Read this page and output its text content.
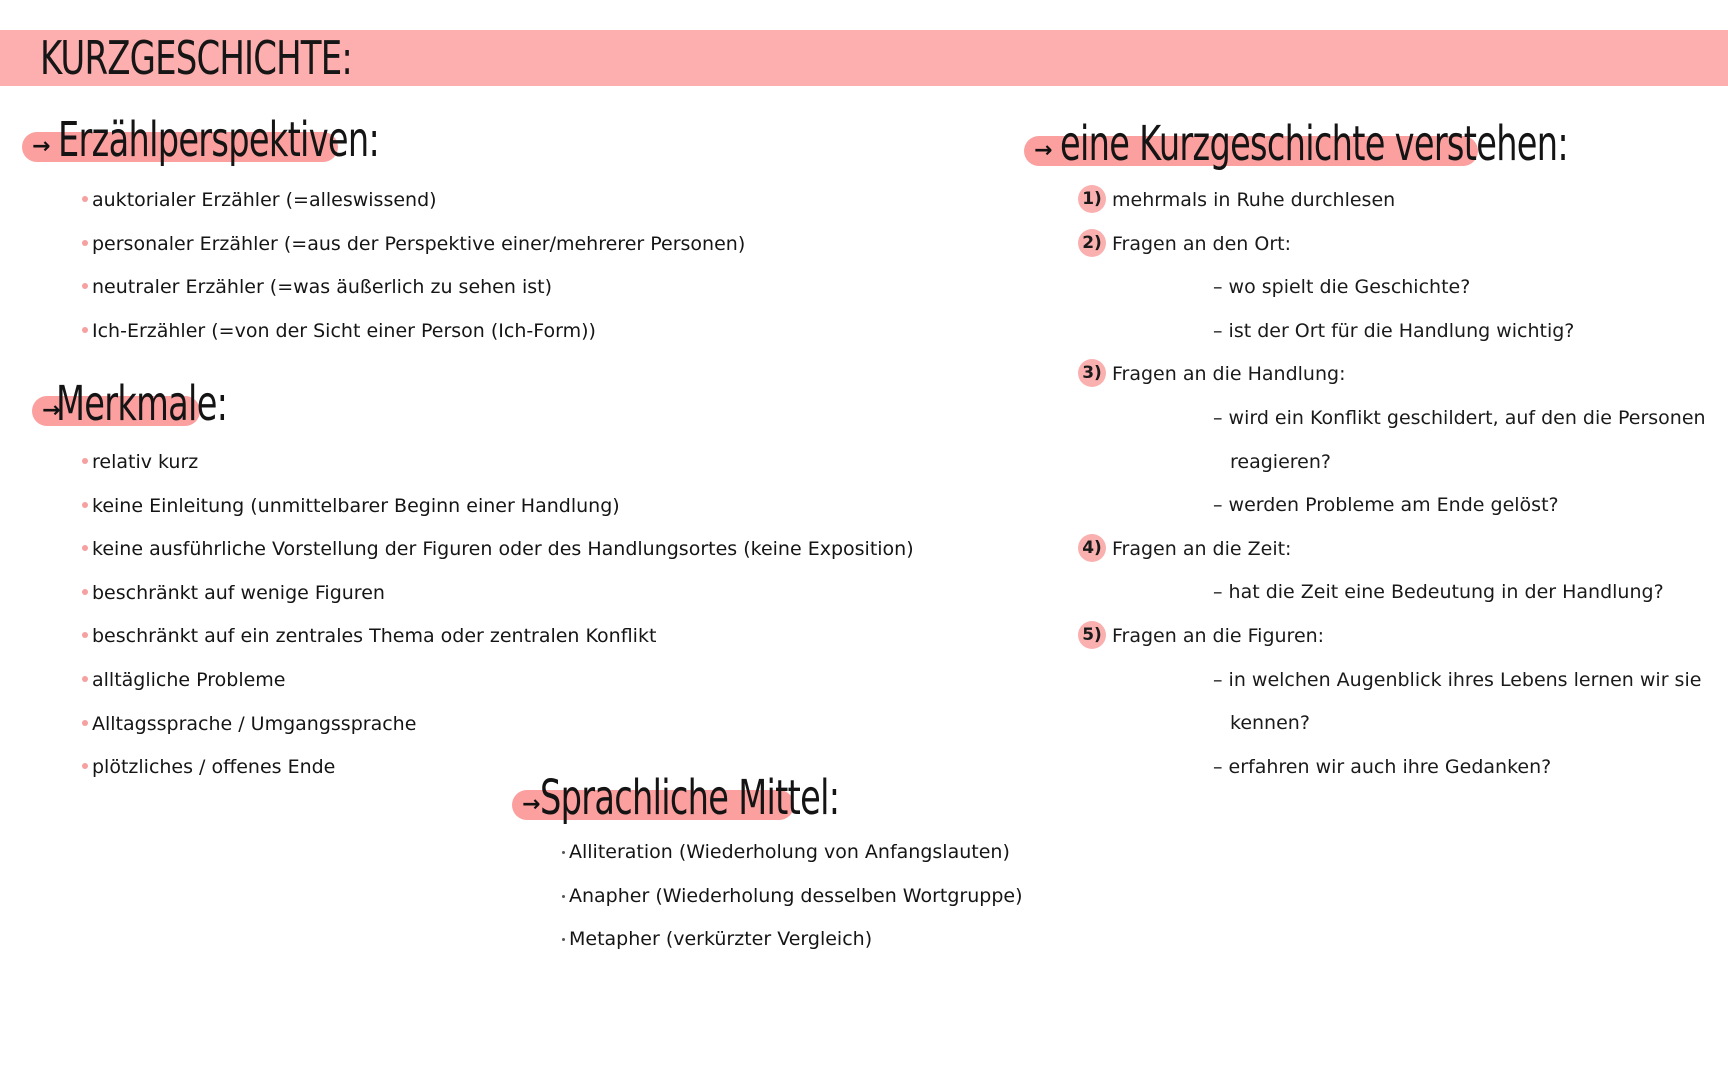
KURZGESCHICHTE:
→ Erzählperspektiven:
auktorialer Erzähler (=alleswissend)
personaler Erzähler (=aus der Perspektive einer/mehrerer Personen)
neutraler Erzähler (=was äußerlich zu sehen ist)
Ich-Erzähler (=von der Sicht einer Person (Ich-Form))
→
Merkmale:
relativ kurz
keine Einleitung (unmittelbarer Beginn einer Handlung)
keine ausführliche Vorstellung der Figuren oder des Handlungsortes (keine Exposition)
beschränkt auf wenige Figuren
beschränkt auf ein zentrales Thema oder zentralen Konflikt
alltägliche Probleme
Alltagssprache / Umgangssprache
plötzliches / offenes Ende
→ Sprachliche Mittel:
Alliteration (Wiederholung von Anfangslauten)
Anapher (Wiederholung desselben Wortgruppe)
Metapher (verkürzter Vergleich)
→ eine Kurzgeschichte verstehen:
1) mehrmals in Ruhe durchlesen
2) Fragen an den Ort:
– wo spielt die Geschichte?
– ist der Ort für die Handlung wichtig?
3) Fragen an die Handlung:
– wird ein Konflikt geschildert, auf den die Personen
reagieren?
– werden Probleme am Ende gelöst?
4) Fragen an die Zeit:
– hat die Zeit eine Bedeutung in der Handlung?
5) Fragen an die Figuren:
– in welchen Augenblick ihres Lebens lernen wir sie
kennen?
– erfahren wir auch ihre Gedanken?
